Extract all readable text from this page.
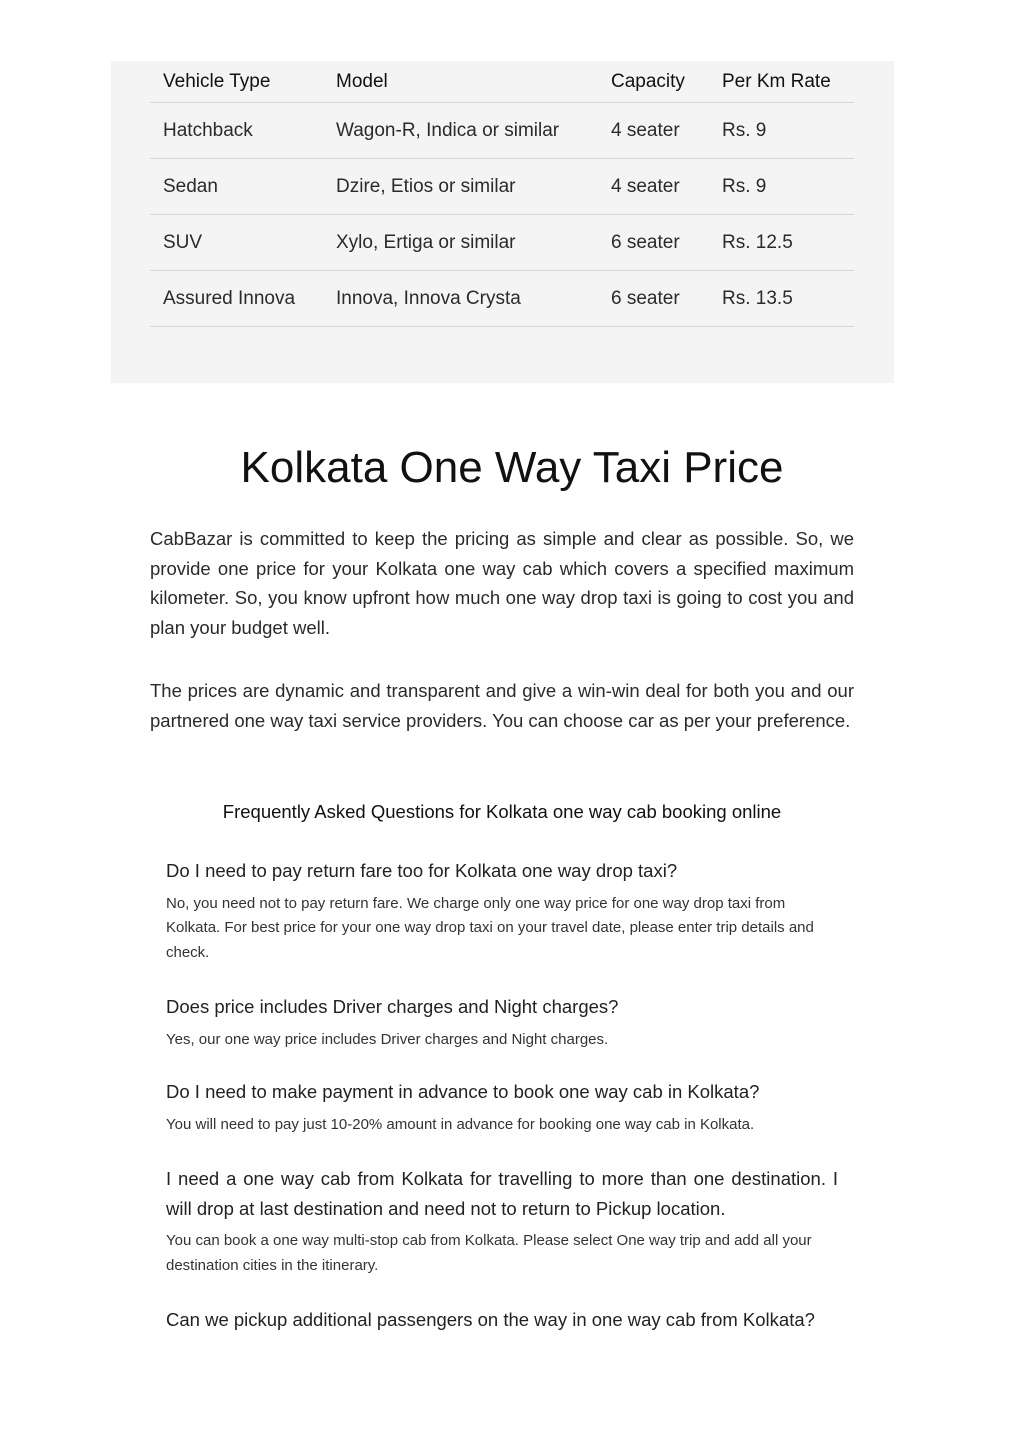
Vehicle Type	Model	Capacity	Per Km Rate
Hatchback	Wagon-R, Indica or similar	4 seater	Rs. 9
Sedan	Dzire, Etios or similar	4 seater	Rs. 9
SUV	Xylo, Ertiga or similar	6 seater	Rs. 12.5
Assured Innova	Innova, Innova Crysta	6 seater	Rs. 13.5
Kolkata One Way Taxi Price

CabBazar is committed to keep the pricing as simple and clear as possible. So, we provide one price for your Kolkata one way cab which covers a specified maximum kilometer. So, you know upfront how much one way drop taxi is going to cost you and plan your budget well.

The prices are dynamic and transparent and give a win-win deal for both you and our partnered one way taxi service providers. You can choose car as per your preference.

Frequently Asked Questions for Kolkata one way cab booking online

Do I need to pay return fare too for Kolkata one way drop taxi?

No, you need not to pay return fare. We charge only one way price for one way drop taxi from Kolkata. For best price for your one way drop taxi on your travel date, please enter trip details and check.

Does price includes Driver charges and Night charges?

Yes, our one way price includes Driver charges and Night charges.

Do I need to make payment in advance to book one way cab in Kolkata?

You will need to pay just 10-20% amount in advance for booking one way cab in Kolkata.

I need a one way cab from Kolkata for travelling to more than one destination. I will drop at last destination and need not to return to Pickup location.

You can book a one way multi-stop cab from Kolkata. Please select One way trip and add all your destination cities in the itinerary.

Can we pickup additional passengers on the way in one way cab from Kolkata?
